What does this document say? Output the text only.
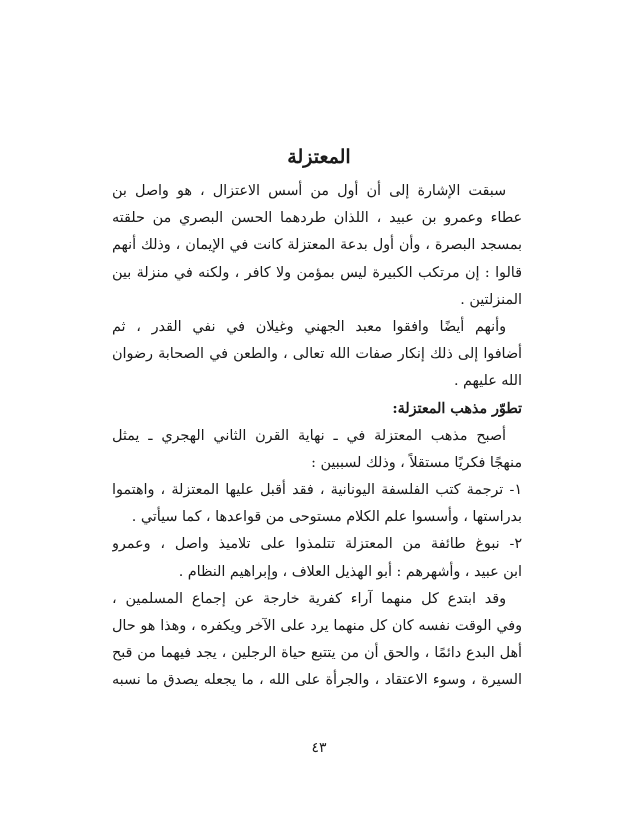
المعتزلة

سبقت الإشارة إلى أن أول من أسس الاعتزال ، هو واصل بن

عطاء وعمرو بن عبيد ، اللذان طردهما الحسن البصري من حلقته

بمسجد البصرة ، وأن أول بدعة المعتزلة كانت في الإيمان ، وذلك أنهم

قالوا : إن مرتكب الكبيرة ليس بمؤمن ولا كافر ، ولكنه في منزلة بين

المنزلتين .

وأنهم أيضًا وافقوا معبد الجهني وغيلان في نفي القدر ، ثم

أضافوا إلى ذلك إنكار صفات الله تعالى ، والطعن في الصحابة رضوان

الله عليهم .

تطوّر مذهب المعتزلة:

أصبح مذهب المعتزلة في ـ نهاية القرن الثاني الهجري ـ يمثل

منهجًا فكريًا مستقلاً ، وذلك لسببين :

١- ترجمة كتب الفلسفة اليونانية ، فقد أقبل عليها المعتزلة ، واهتموا

بدراستها ، وأسسوا علم الكلام مستوحى من قواعدها ، كما سيأتي .

٢- نبوغ طائفة من المعتزلة تتلمذوا على تلاميذ واصل ، وعمرو

ابن عبيد ، وأشهرهم : أبو الهذيل العلاف ، وإبراهيم النظام .

وقد ابتدع كل منهما آراء كفرية خارجة عن إجماع المسلمين ،

وفي الوقت نفسه كان كل منهما يرد على الآخر ويكفره ، وهذا هو حال

أهل البدع دائمًا ، والحق أن من يتتبع حياة الرجلين ، يجد فيهما من قبح

السيرة ، وسوء الاعتقاد ، والجرأة على الله ، ما يجعله يصدق ما نسبه

٤٣
